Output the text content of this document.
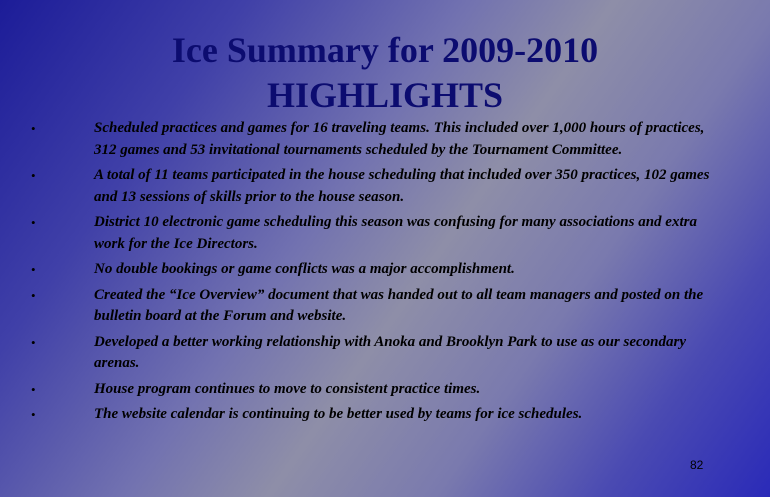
Ice Summary for 2009-2010
HIGHLIGHTS
•	Scheduled practices and games for 16 traveling teams. This included over 1,000 hours of practices, 312 games and 53 invitational tournaments scheduled by the Tournament Committee.
•	A total of 11 teams participated in the house scheduling that included over 350 practices, 102 games and 13 sessions of skills prior to the house season.
•	District 10 electronic game scheduling this season was confusing for many associations and extra work for the Ice Directors.
•	No double bookings or game conflicts was a major accomplishment.
•	Created the “Ice Overview” document that was handed out to all team managers and posted on the bulletin board at the Forum and website.
•	Developed a better working relationship with Anoka and Brooklyn Park to use as our secondary arenas.
•	House program continues to move to consistent practice times.
•	The website calendar is continuing to be better used by teams for ice schedules.
82
